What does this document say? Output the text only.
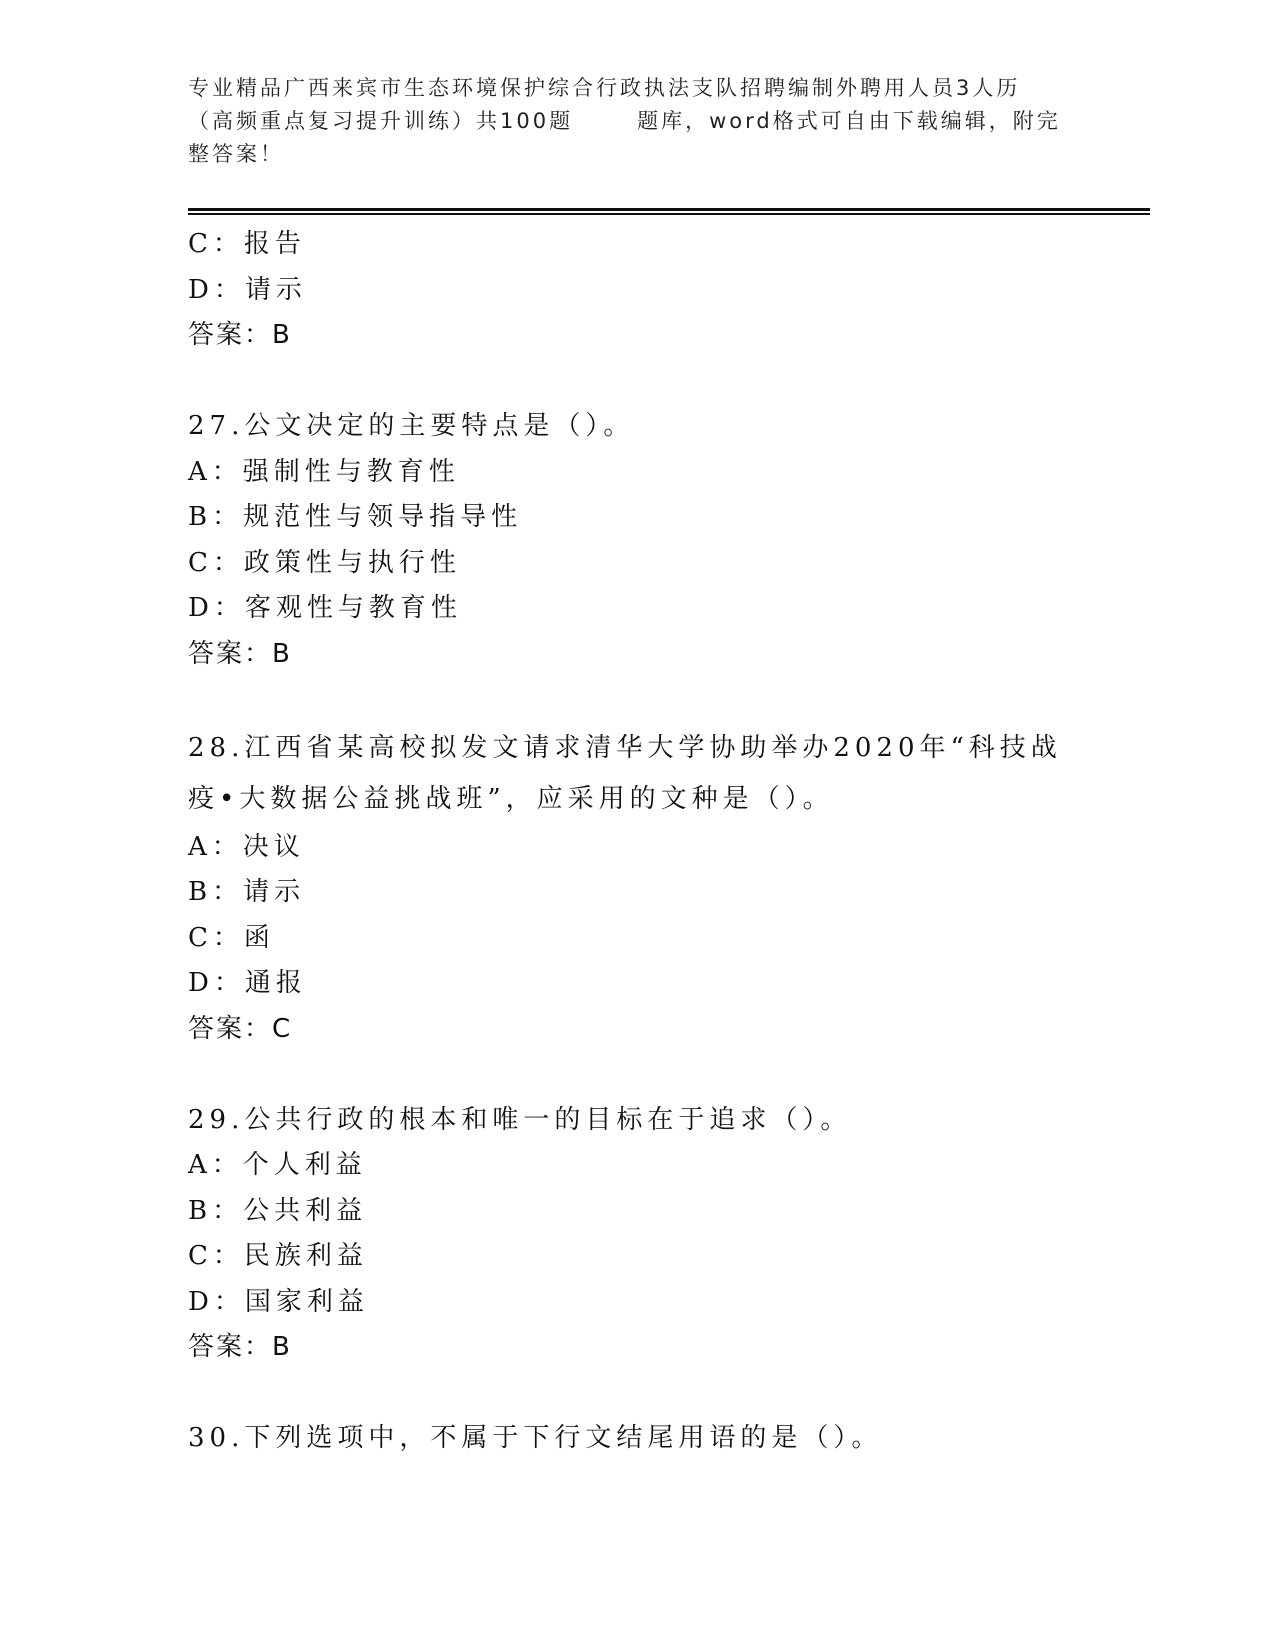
专业精品广西来宾市生态环境保护综合行政执法支队招聘编制外聘用人员3人历（高频重点复习提升训练）共100题	题库，word格式可自由下载编辑，附完整答案！
C：报告
D：请示
答案：B
27.公文决定的主要特点是（）。
A：强制性与教育性
B：规范性与领导指导性
C：政策性与执行性
D：客观性与教育性
答案：B
28.江西省某高校拟发文请求清华大学协助举办2020年“科技战疫•大数据公益挑战班”，应采用的文种是（）。
A：决议
B：请示
C：函
D：通报
答案：C
29.公共行政的根本和唯一的目标在于追求（）。
A：个人利益
B：公共利益
C：民族利益
D：国家利益
答案：B
30.下列选项中，不属于下行文结尾用语的是（）。
